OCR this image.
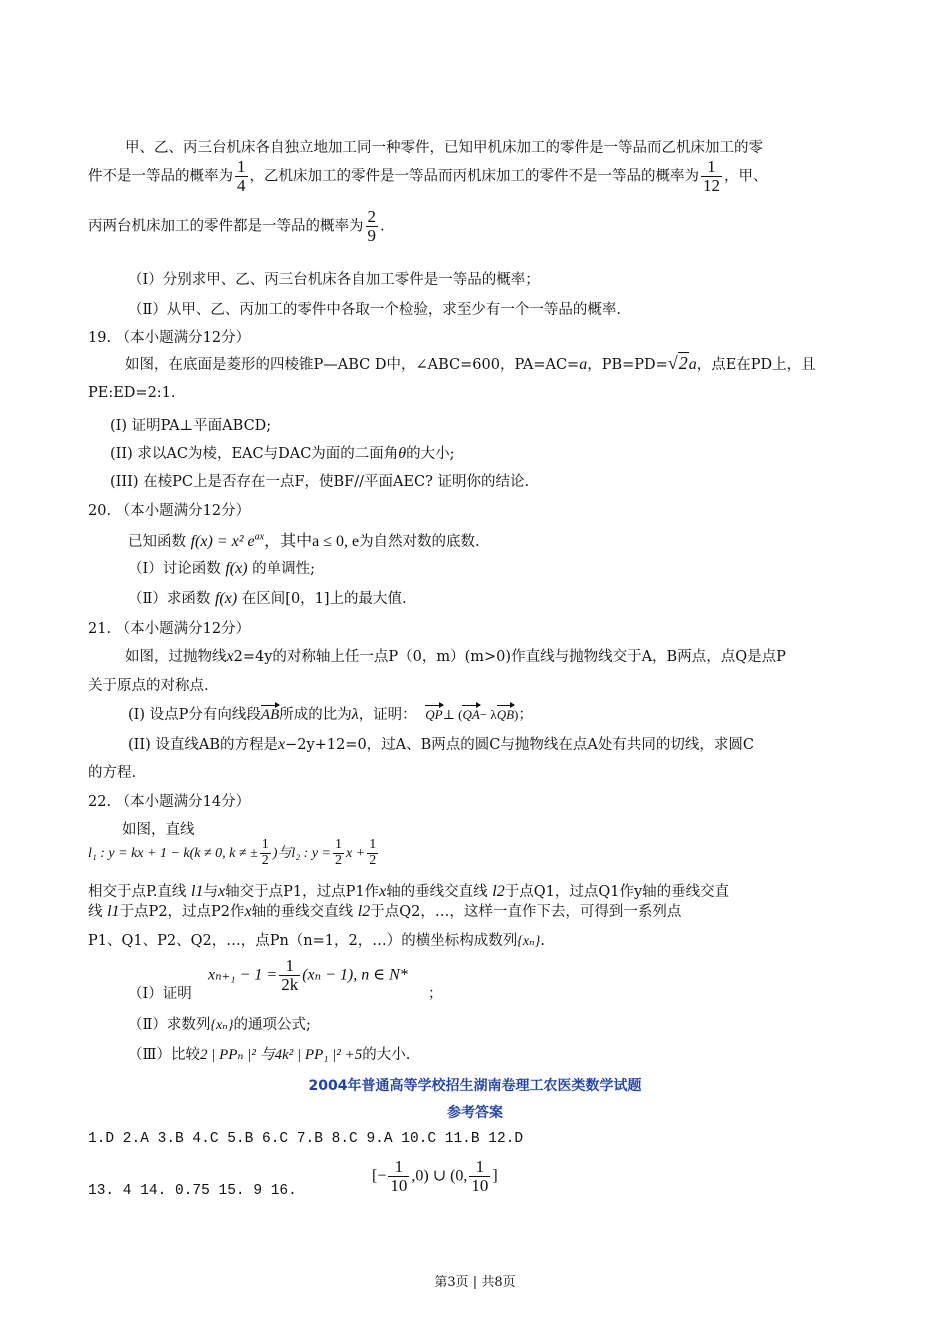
甲、乙、丙三台机床各自独立地加工同一种零件，已知甲机床加工的零件是一等品而乙机床加工的零
件不是一等品的概率为 $\frac{1}{4}$ ，乙机床加工的零件是一等品而丙机床加工的零件不是一等品的概率为 $\frac{1}{12}$ ，甲、
丙两台机床加工的零件都是一等品的概率为 $\frac{2}{9}$ .
（Ⅰ）分别求甲、乙、丙三台机床各自加工零件是一等品的概率；
（Ⅱ）从甲、乙、丙加工的零件中各取一个检验，求至少有一个一等品的概率.
19. （本小题满分12分）
如图，在底面是菱形的四棱锥P—ABC D中，∠ABC=600，PA=AC=a，PB=PD=√2a，点E在PD上，且
PE:ED=2:1.
(I) 证明PA⊥平面ABCD;
(II) 求以AC为棱，EAC与DAC为面的二面角θ的大小;
(III) 在棱PC上是否存在一点F，使BF//平面AEC? 证明你的结论.
20. （本小题满分12分）
已知函数 f(x) = x² $e^{ax}$，其中a ≤ 0, e为自然对数的底数.
（Ⅰ）讨论函数 f(x) 的单调性;
（Ⅱ）求函数 f(x) 在区间[0，1]上的最大值.
21. （本小题满分12分）
如图，过抛物线x2=4y的对称轴上任一点P（0，m）(m>0)作直线与抛物线交于A，B两点，点Q是点P
关于原点的对称点.
(I) 设点P分有向线段AB所成的比为λ，证明： QP⊥ (QA− λQB)；
(II) 设直线AB的方程是x−2y+12=0，过A、B两点的圆C与抛物线在点A处有共同的切线，求圆C
的方程.
22. （本小题满分14分）
如图，直线
l₁ : y = kx + 1 − k(k ≠ 0, k ≠ ± $\frac{1}{2}$ )与l₂ : $y = \frac{1}{2}$ $x + \frac{1}{2}$
相交于点P.直线 l1与x轴交于点P1，过点P1作x轴的垂线交直线 l2于点Q1，过点Q1作y轴的垂线交直
线 l1于点P2，过点P2作x轴的垂线交直线 l2于点Q2，…，这样一直作下去，可得到一系列点
P1、Q1、P2、Q2，…，点Pn（n=1，2，…）的横坐标构成数列{xₙ}.
$x_{n+1} - 1 = \frac{1}{2k} (x_n - 1)$, n ∈ N*
（Ⅰ）证明	；
（Ⅱ）求数列{xₙ}的通项公式;
（Ⅲ）比较2 | PPₙ |² 与4k² | PP₁ |² +5的大小.
2004年普通高等学校招生湖南卷理工农医类数学试题
参考答案
1.D 2.A 3.B 4.C 5.B 6.C 7.B 8.C 9.A 10.C 11.B 12.D
13. 4 14. 0.75 15. 9 16.
[− $\frac{1}{10} ,0$) ∪ (0, $\frac{1}{10}$ ]
第3页 | 共8页
